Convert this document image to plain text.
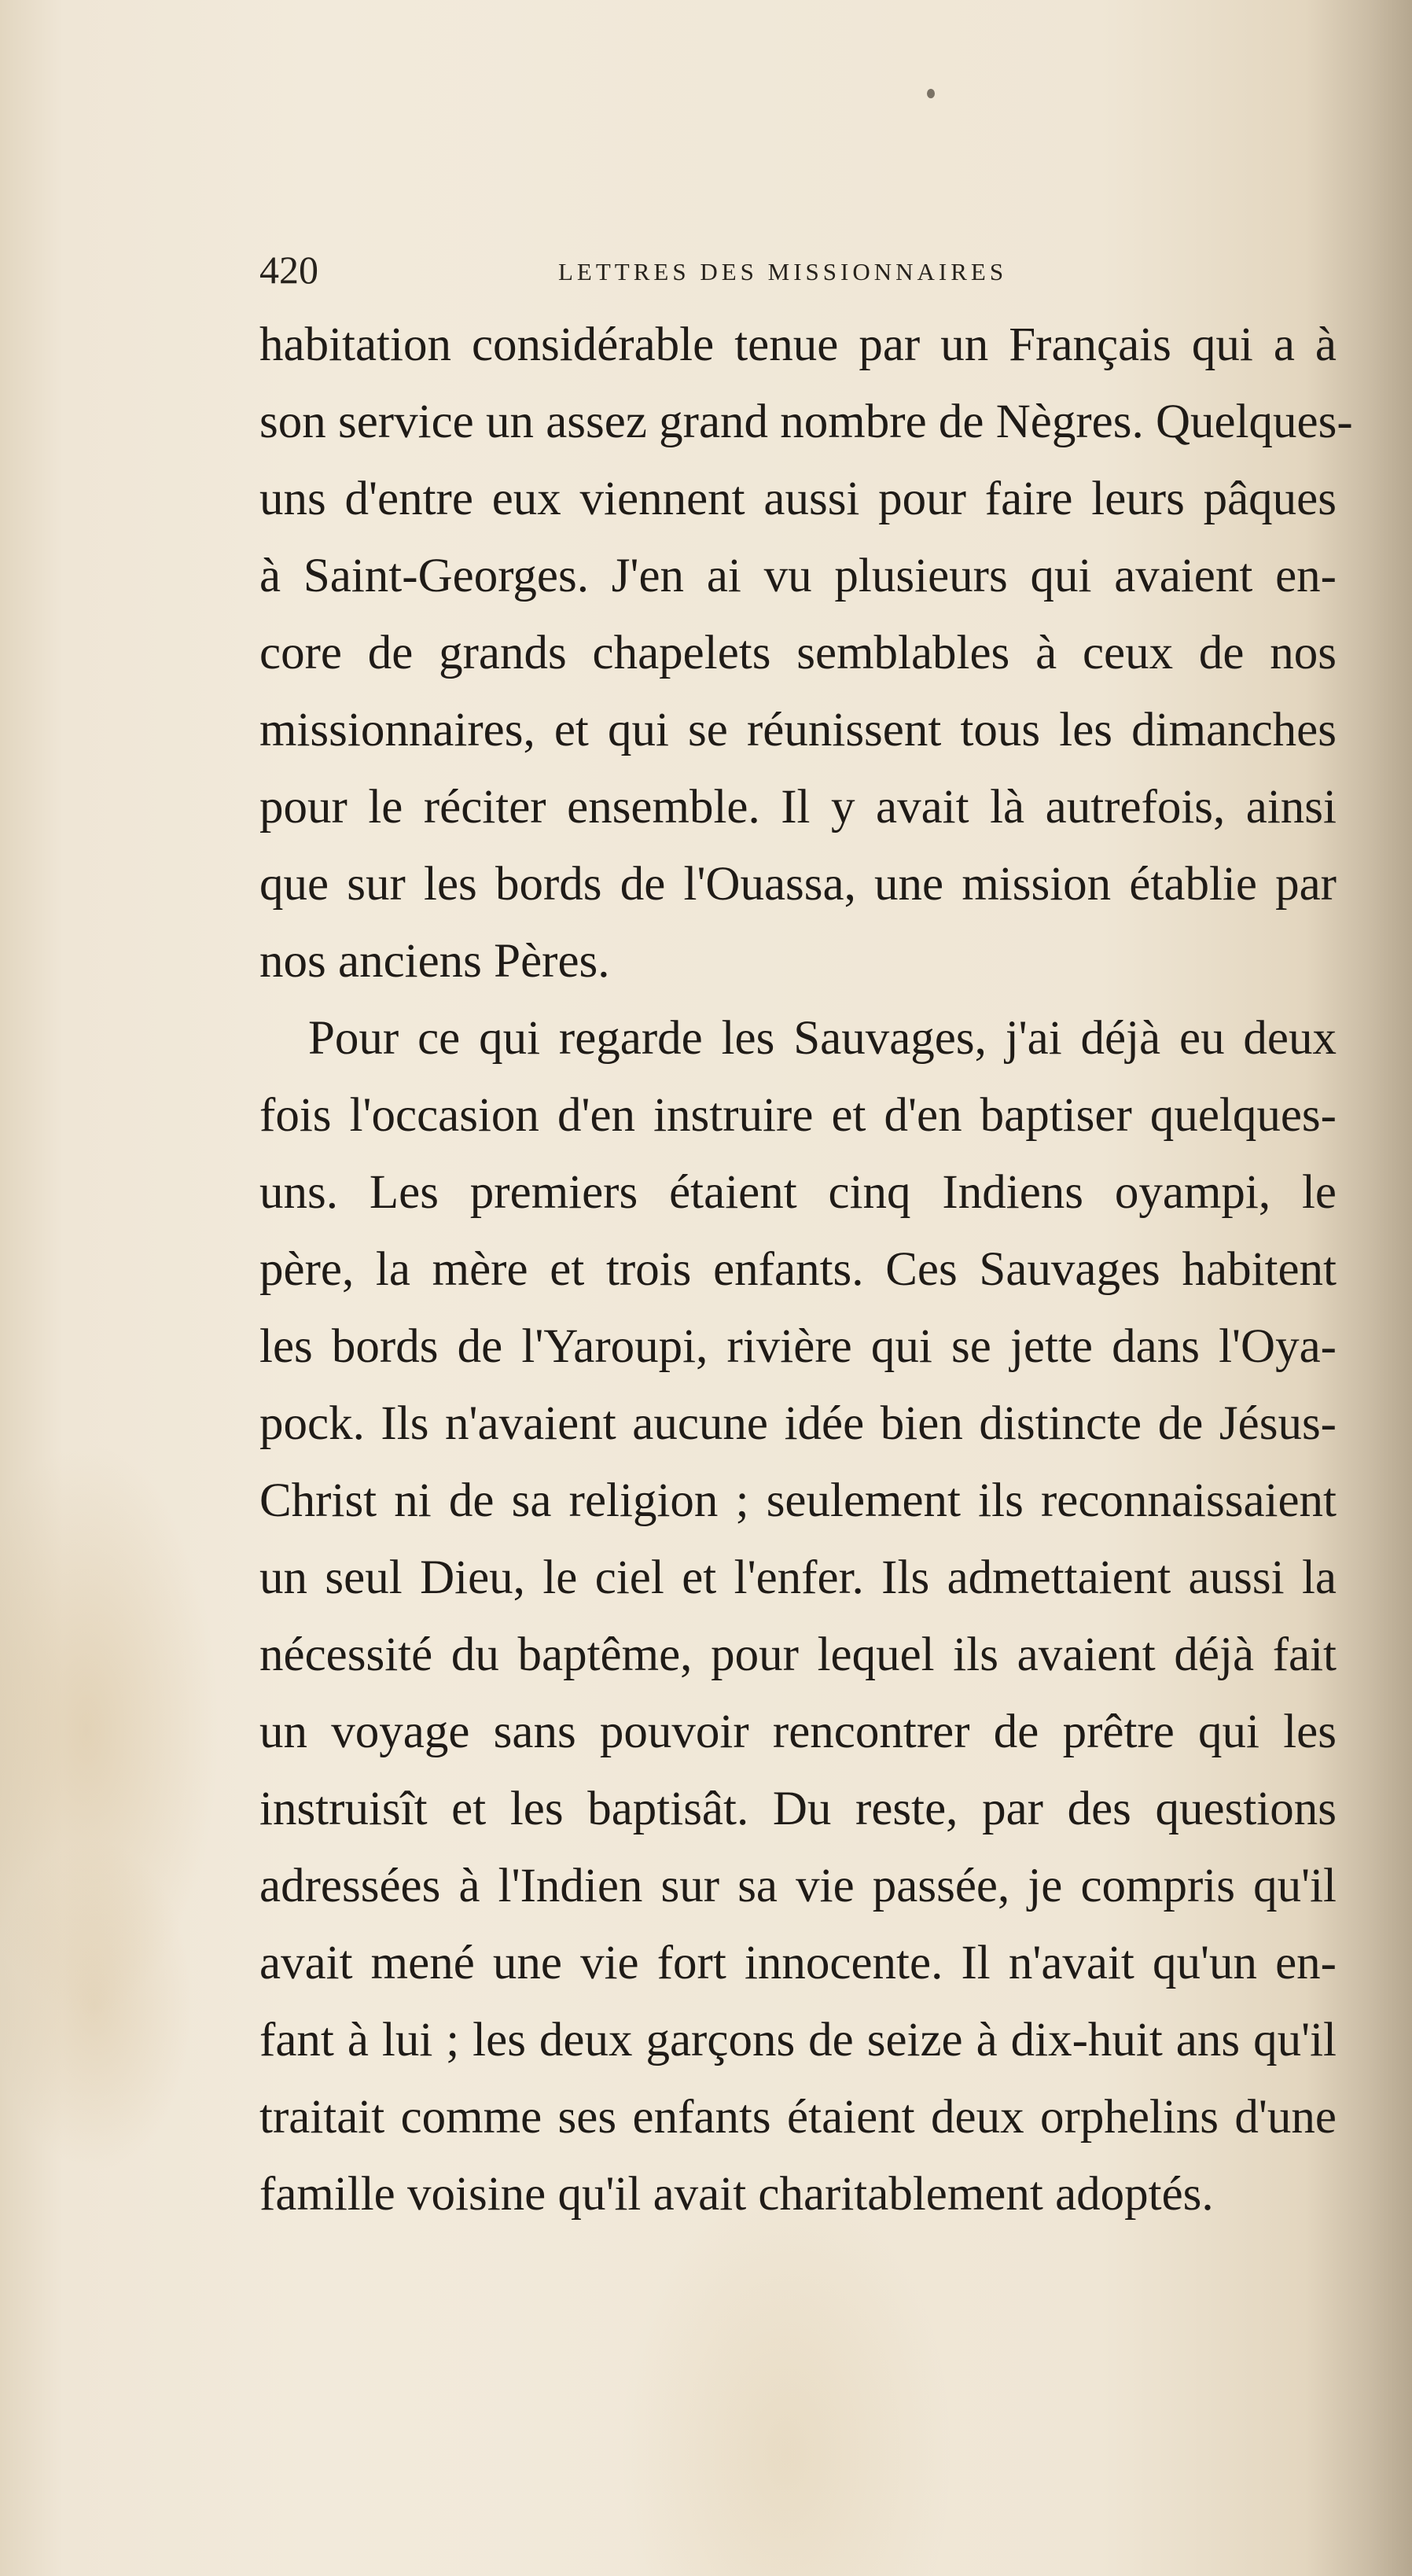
420	LETTRES DES MISSIONNAIRES
habitation considérable tenue par un Français qui a à
son service un assez grand nombre de Nègres. Quelques-
uns d'entre eux viennent aussi pour faire leurs pâques
à Saint-Georges. J'en ai vu plusieurs qui avaient en-
core de grands chapelets semblables à ceux de nos
missionnaires, et qui se réunissent tous les dimanches
pour le réciter ensemble. Il y avait là autrefois, ainsi
que sur les bords de l'Ouassa, une mission établie par
nos anciens Pères.
Pour ce qui regarde les Sauvages, j'ai déjà eu deux
fois l'occasion d'en instruire et d'en baptiser quelques-
uns. Les premiers étaient cinq Indiens oyampi, le
père, la mère et trois enfants. Ces Sauvages habitent
les bords de l'Yaroupi, rivière qui se jette dans l'Oya-
pock. Ils n'avaient aucune idée bien distincte de Jésus-
Christ ni de sa religion ; seulement ils reconnaissaient
un seul Dieu, le ciel et l'enfer. Ils admettaient aussi la
nécessité du baptême, pour lequel ils avaient déjà fait
un voyage sans pouvoir rencontrer de prêtre qui les
instruisît et les baptisât. Du reste, par des questions
adressées à l'Indien sur sa vie passée, je compris qu'il
avait mené une vie fort innocente. Il n'avait qu'un en-
fant à lui ; les deux garçons de seize à dix-huit ans qu'il
traitait comme ses enfants étaient deux orphelins d'une
famille voisine qu'il avait charitablement adoptés.
